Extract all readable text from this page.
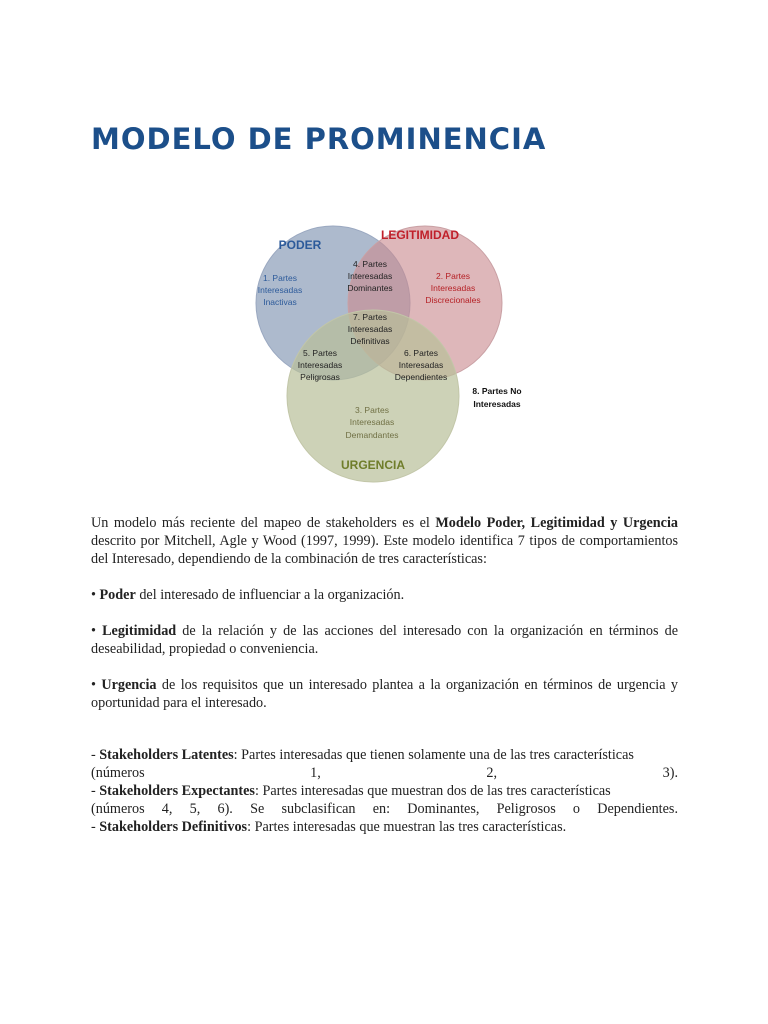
MODELO DE PROMINENCIA
PODER
LEGITIMIDAD
URGENCIA
1. Partes
Interesadas
Inactivas
2. Partes
Interesadas
Discrecionales
4. Partes
Interesadas
Dominantes
7. Partes
Interesadas
Definitivas
5. Partes
Interesadas
Peligrosas
6. Partes
Interesadas
Dependientes
3. Partes
Interesadas
Demandantes
8. Partes No
Interesadas

Un modelo más reciente del mapeo de stakeholders es el Modelo Poder, Legitimidad y Urgencia descrito por Mitchell, Agle y Wood (1997, 1999). Este modelo identifica 7 tipos de comportamientos del Interesado, dependiendo de la combinación de tres características:

• Poder del interesado de influenciar a la organización.

• Legitimidad de la relación y de las acciones del interesado con la organización en términos de deseabilidad, propiedad o conveniencia.

• Urgencia de los requisitos que un interesado plantea a la organización en términos de urgencia y oportunidad para el interesado.

- Stakeholders Latentes: Partes interesadas que tienen solamente una de las tres características

(números 1, 2, 3).

- Stakeholders Expectantes: Partes interesadas que muestran dos de las tres características

(números 4, 5, 6). Se subclasifican en: Dominantes, Peligrosos o Dependientes.

- Stakeholders Definitivos: Partes interesadas que muestran las tres características.
